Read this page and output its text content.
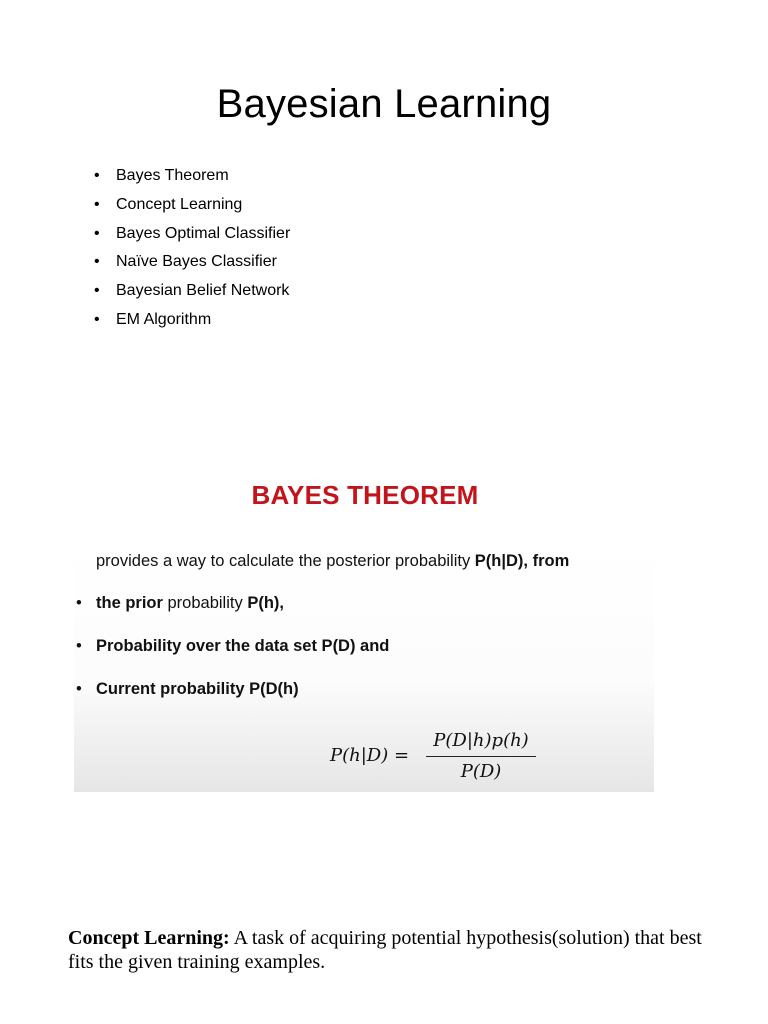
Bayesian Learning
• Bayes Theorem
• Concept Learning
• Bayes Optimal Classifier
• Naïve Bayes Classifier
• Bayesian Belief Network
• EM Algorithm
BAYES THEOREM
provides a way to calculate the posterior probability P(h|D), from
• the prior probability P(h),
• Probability over the data set P(D) and
• Current probability P(D(h)
P(h|D) =
P(D|h)p(h)
P(D)
Concept Learning: A task of acquiring potential hypothesis(solution) that best fits the given training examples.
